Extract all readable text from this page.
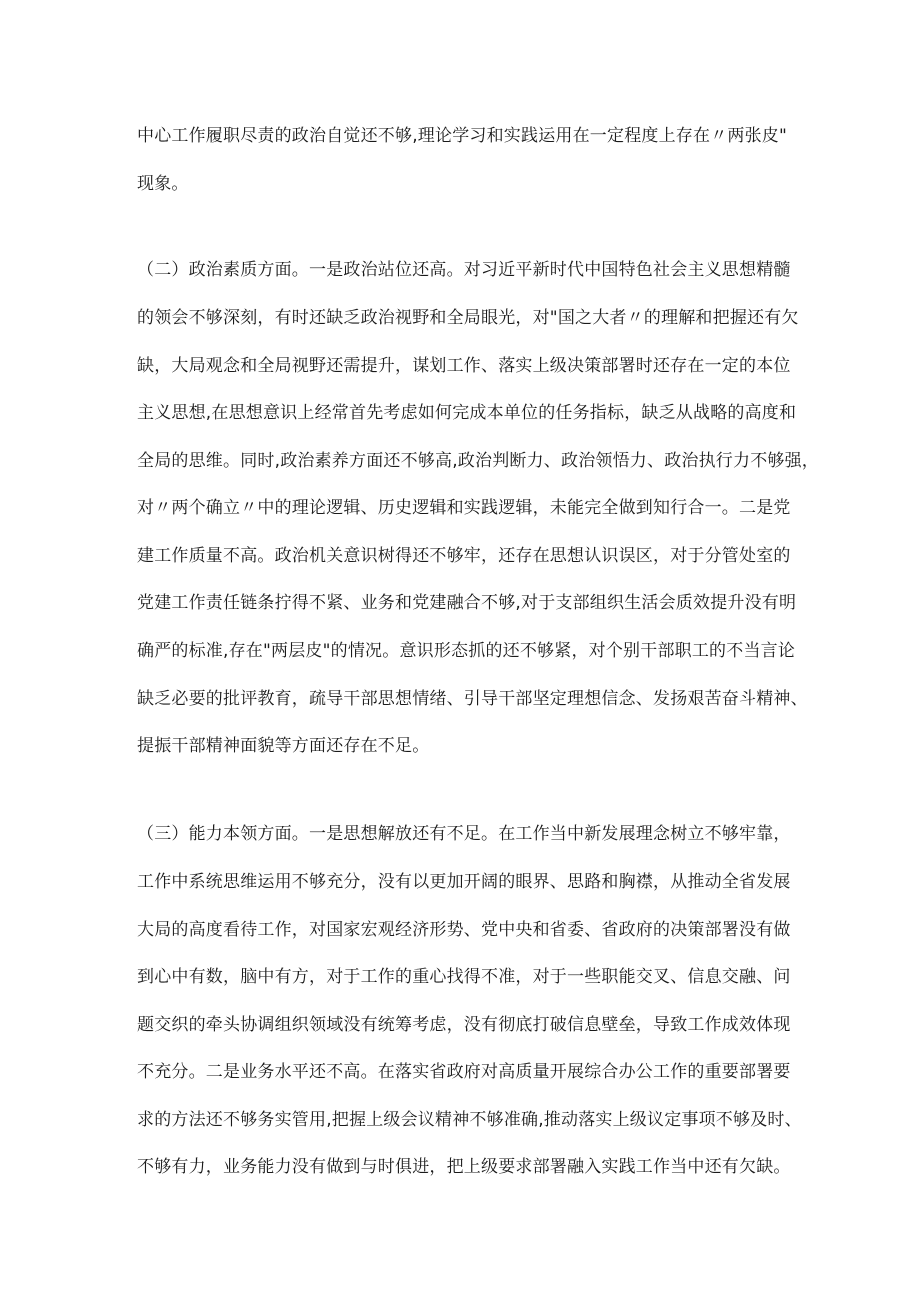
中心工作履职尽责的政治自觉还不够,理论学习和实践运用在一定程度上存在〃两张皮"
现象。
（二）政治素质方面。一是政治站位还高。对习近平新时代中国特色社会主义思想精髓
的领会不够深刻，有时还缺乏政治视野和全局眼光，对"国之大者〃的理解和把握还有欠
缺，大局观念和全局视野还需提升，谋划工作、落实上级决策部署时还存在一定的本位
主义思想,在思想意识上经常首先考虑如何完成本单位的任务指标，缺乏从战略的高度和
全局的思维。同时,政治素养方面还不够高,政治判断力、政治领悟力、政治执行力不够强，
对〃两个确立〃中的理论逻辑、历史逻辑和实践逻辑，未能完全做到知行合一。二是党
建工作质量不高。政治机关意识树得还不够牢，还存在思想认识误区，对于分管处室的
党建工作责任链条拧得不紧、业务和党建融合不够,对于支部组织生活会质效提升没有明
确严的标准,存在"两层皮"的情况。意识形态抓的还不够紧，对个别干部职工的不当言论
缺乏必要的批评教育，疏导干部思想情绪、引导干部坚定理想信念、发扬艰苦奋斗精神、
提振干部精神面貌等方面还存在不足。
（三）能力本领方面。一是思想解放还有不足。在工作当中新发展理念树立不够牢靠，
工作中系统思维运用不够充分，没有以更加开阔的眼界、思路和胸襟，从推动全省发展
大局的高度看待工作，对国家宏观经济形势、党中央和省委、省政府的决策部署没有做
到心中有数，脑中有方，对于工作的重心找得不准，对于一些职能交叉、信息交融、问
题交织的牵头协调组织领域没有统筹考虑，没有彻底打破信息壁垒，导致工作成效体现
不充分。二是业务水平还不高。在落实省政府对高质量开展综合办公工作的重要部署要
求的方法还不够务实管用,把握上级会议精神不够准确,推动落实上级议定事项不够及时、
不够有力，业务能力没有做到与时俱进，把上级要求部署融入实践工作当中还有欠缺。
